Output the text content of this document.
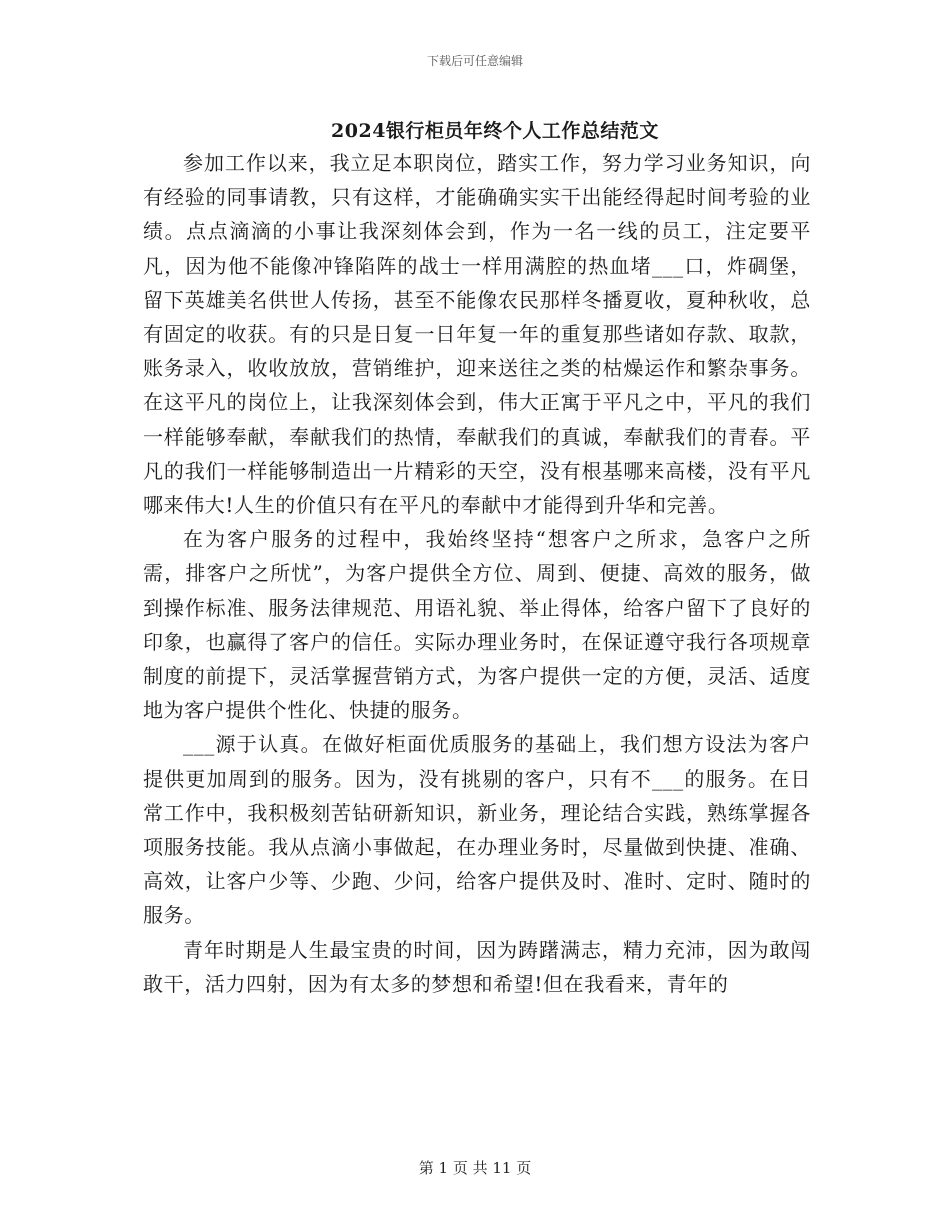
下载后可任意编辑
2024银行柜员年终个人工作总结范文

参加工作以来，我立足本职岗位，踏实工作，努力学习业务知识，向有经验的同事请教，只有这样，才能确确实实干出能经得起时间考验的业绩。点点滴滴的小事让我深刻体会到，作为一名一线的员工，注定要平凡，因为他不能像冲锋陷阵的战士一样用满腔的热血堵___口，炸碉堡，留下英雄美名供世人传扬，甚至不能像农民那样冬播夏收，夏种秋收，总有固定的收获。有的只是日复一日年复一年的重复那些诸如存款、取款，账务录入，收收放放，营销维护，迎来送往之类的枯燥运作和繁杂事务。在这平凡的岗位上，让我深刻体会到，伟大正寓于平凡之中，平凡的我们一样能够奉献，奉献我们的热情，奉献我们的真诚，奉献我们的青春。平凡的我们一样能够制造出一片精彩的天空，没有根基哪来高楼，没有平凡哪来伟大!人生的价值只有在平凡的奉献中才能得到升华和完善。

在为客户服务的过程中，我始终坚持“想客户之所求，急客户之所需，排客户之所忧”，为客户提供全方位、周到、便捷、高效的服务，做到操作标准、服务法律规范、用语礼貌、举止得体，给客户留下了良好的印象，也赢得了客户的信任。实际办理业务时，在保证遵守我行各项规章制度的前提下，灵活掌握营销方式，为客户提供一定的方便，灵活、适度地为客户提供个性化、快捷的服务。

___源于认真。在做好柜面优质服务的基础上，我们想方设法为客户提供更加周到的服务。因为，没有挑剔的客户，只有不___的服务。在日常工作中，我积极刻苦钻研新知识，新业务，理论结合实践，熟练掌握各项服务技能。我从点滴小事做起，在办理业务时，尽量做到快捷、准确、高效，让客户少等、少跑、少问，给客户提供及时、准时、定时、随时的服务。

青年时期是人生最宝贵的时间，因为踌躇满志，精力充沛，因为敢闯敢干，活力四射，因为有太多的梦想和希望!但在我看来，青年的

第 1 页 共 11 页
